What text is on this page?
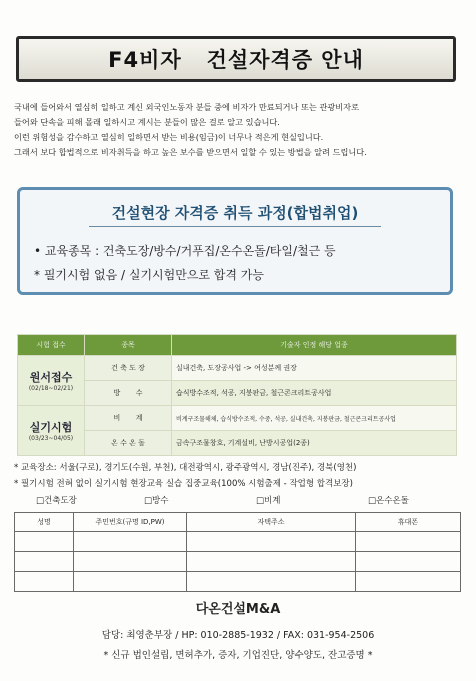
F4비자   건설자격증 안내
국내에 들어와서 열심히 일하고 계신 외국인노동자 분들 중에 비자가 만료되거나 또는 관광비자로
들어와 단속을 피해 몰래 일하시고 계시는 분들이 많은 걸로 알고 있습니다.
이런 위험성을 감수하고 열심히 일하면서 받는 비용(임금)이 너무나 적은게 현실입니다.
그래서 보다 합법적으로 비자취득을 하고 높은 보수를 받으면서 일할 수 있는 방법을 알려 드립니다.
건설현장 자격증 취득 과정(합법취업)
• 교육종목 : 건축도장/방수/거푸집/온수온돌/타일/철근 등
* 필기시험 없음 / 실기시험만으로 합격 가능
시험 접수	종목	기술자 인정 해당 업종

원서접수
(02/18~02/21)	건 축 도 장	실내건축, 도장공사업 -> 여성분께 권장
	방       수	습식방수조적, 석공, 지붕판금, 철근콘크리트공사업

실기시험
(03/23~04/05)	비       계	비계구조물해체, 습식방수조적, 수중, 석공, 실내건축, 지붕판금, 철근콘크리트공사업
	온 수 온 돌	금속구조물창호, 기계설비, 난방시공업(2종)
* 교육장소: 서울(구로), 경기도(수원, 부천), 대전광역시, 광주광역시, 경남(진주), 경북(영천)
* 필기시험 전혀 없이 실기시험 현장교육 실습 집중교육(100% 시험출제 - 작업형 합격보장)
□건축도장	□방수	□비계	□온수온돌
성명	주민번호(규명 ID,PW)	자택주소	휴대폰

다온건설M&A
담당: 최영춘부장 / HP: 010-2885-1932 / FAX: 031-954-2506
* 신규 법인설립, 면허추가, 증자, 기업진단, 양수양도, 잔고증명 *
